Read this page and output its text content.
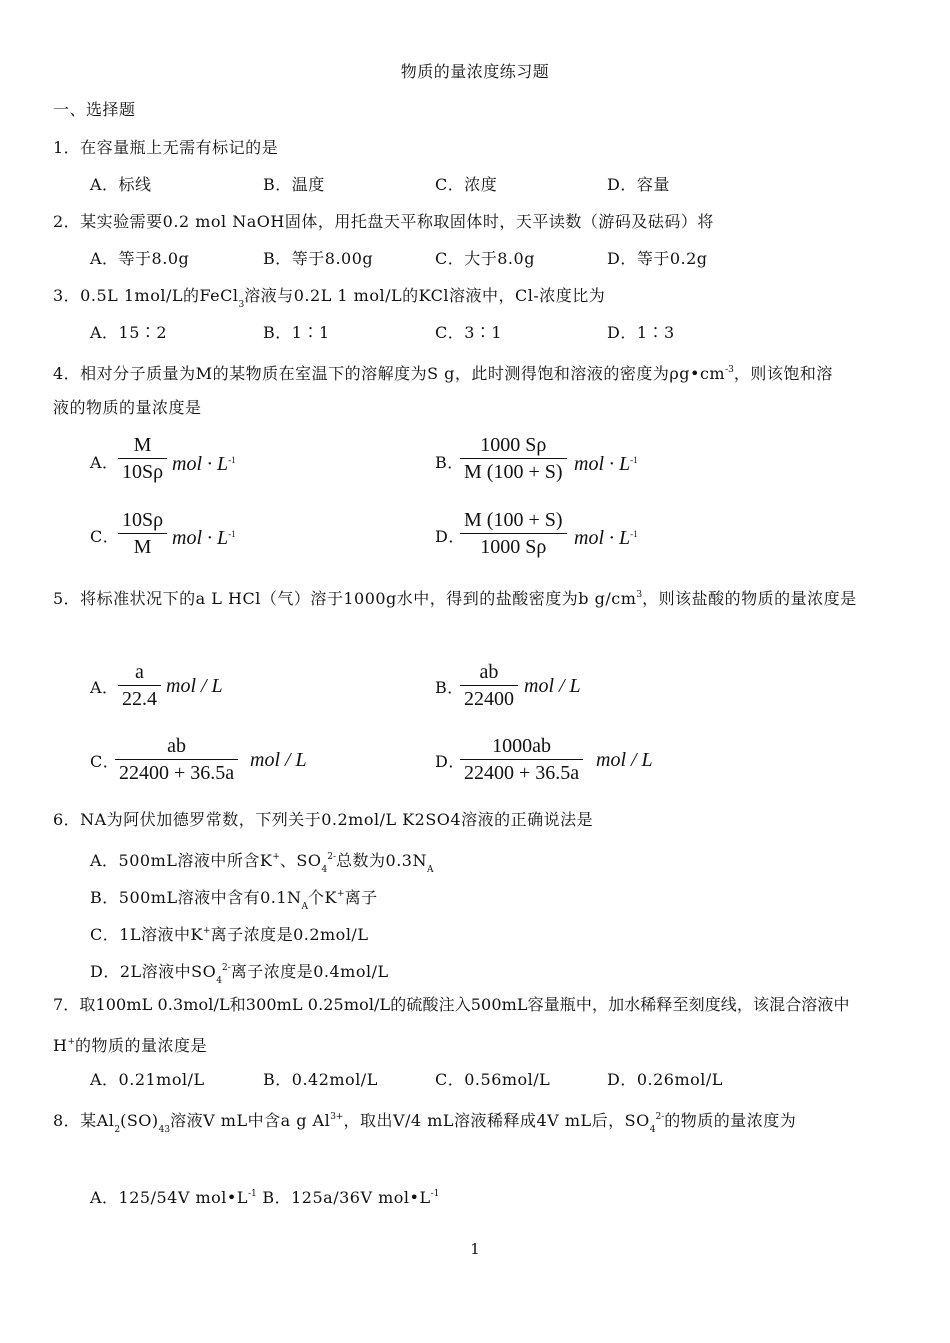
物质的量浓度练习题
一、选择题
1．在容量瓶上无需有标记的是
A．标线	B．温度	C．浓度	D．容量
2．某实验需要0.2 mol NaOH固体，用托盘天平称取固体时，天平读数（游码及砝码）将
A．等于8.0g	B．等于8.00g	C．大于8.0g	D．等于0.2g
3．0.5L 1mol/L的FeCl$_3$溶液与0.2L 1 mol/L的KCl溶液中，Cl-浓度比为
A．15∶2	B．1∶1	C．3∶1	D．1∶3
4．相对分子质量为M的某物质在室温下的溶解度为S g，此时测得饱和溶液的密度为$\rho g•cm^{-3}$，则该饱和溶
液的物质的量浓度是
A． $\frac{M}{10S\rho}$ mol · $L^{-1}$	B．
$\frac{1000 S\rho}{M (100 + S)}$ mol · $L^{-1}$
C．
$\frac{10S\rho}{M}$ mol · $L^{-1}$	D．
$\frac{M (100 + S)}{1000 S\rho}$ mol · $L^{-1}$
5．将标准状况下的a L HCl（气）溶于1000g水中，得到的盐酸密度为b $g/cm^3$，则该盐酸的物质的量浓度是
A． $\frac{a}{22.4}$ mol / L	B．
$\frac{ab}{22400}$ mol / L
C．
$\frac{ab}{22400 + 36.5a}$ mol / L	D．
$\frac{1000ab}{22400 + 36.5a}$ mol / L
6．NA为阿伏加德罗常数，下列关于0.2mol/L K2SO4溶液的正确说法是
A．500mL溶液中所含K+、$SO_4^{2-}$总数为$0.3N_A$
B．500mL溶液中含有$0.1N_A$个K+离子
C．1L溶液中K+离子浓度是0.2mol/L
D．2L溶液中$SO_4^{2-}$离子浓度是0.4mol/L
7．取100mL 0.3mol/L和300mL 0.25mol/L的硫酸注入500mL容量瓶中，加水稀释至刻度线，该混合溶液中
H+的物质的量浓度是
A．0.21mol/L	B．0.42mol/L	C．0.56mol/L	D．0.26mol/L
8．某$Al_2(SO)_{43}$溶液V mL中含a g $Al^{3+}$，取出V/4 mL溶液稀释成4V mL后，$SO_4^{2-}$的物质的量浓度为
A．125/54V $mol•L^{-1}$ B．125a/36V $mol•L^{-1}$
1
